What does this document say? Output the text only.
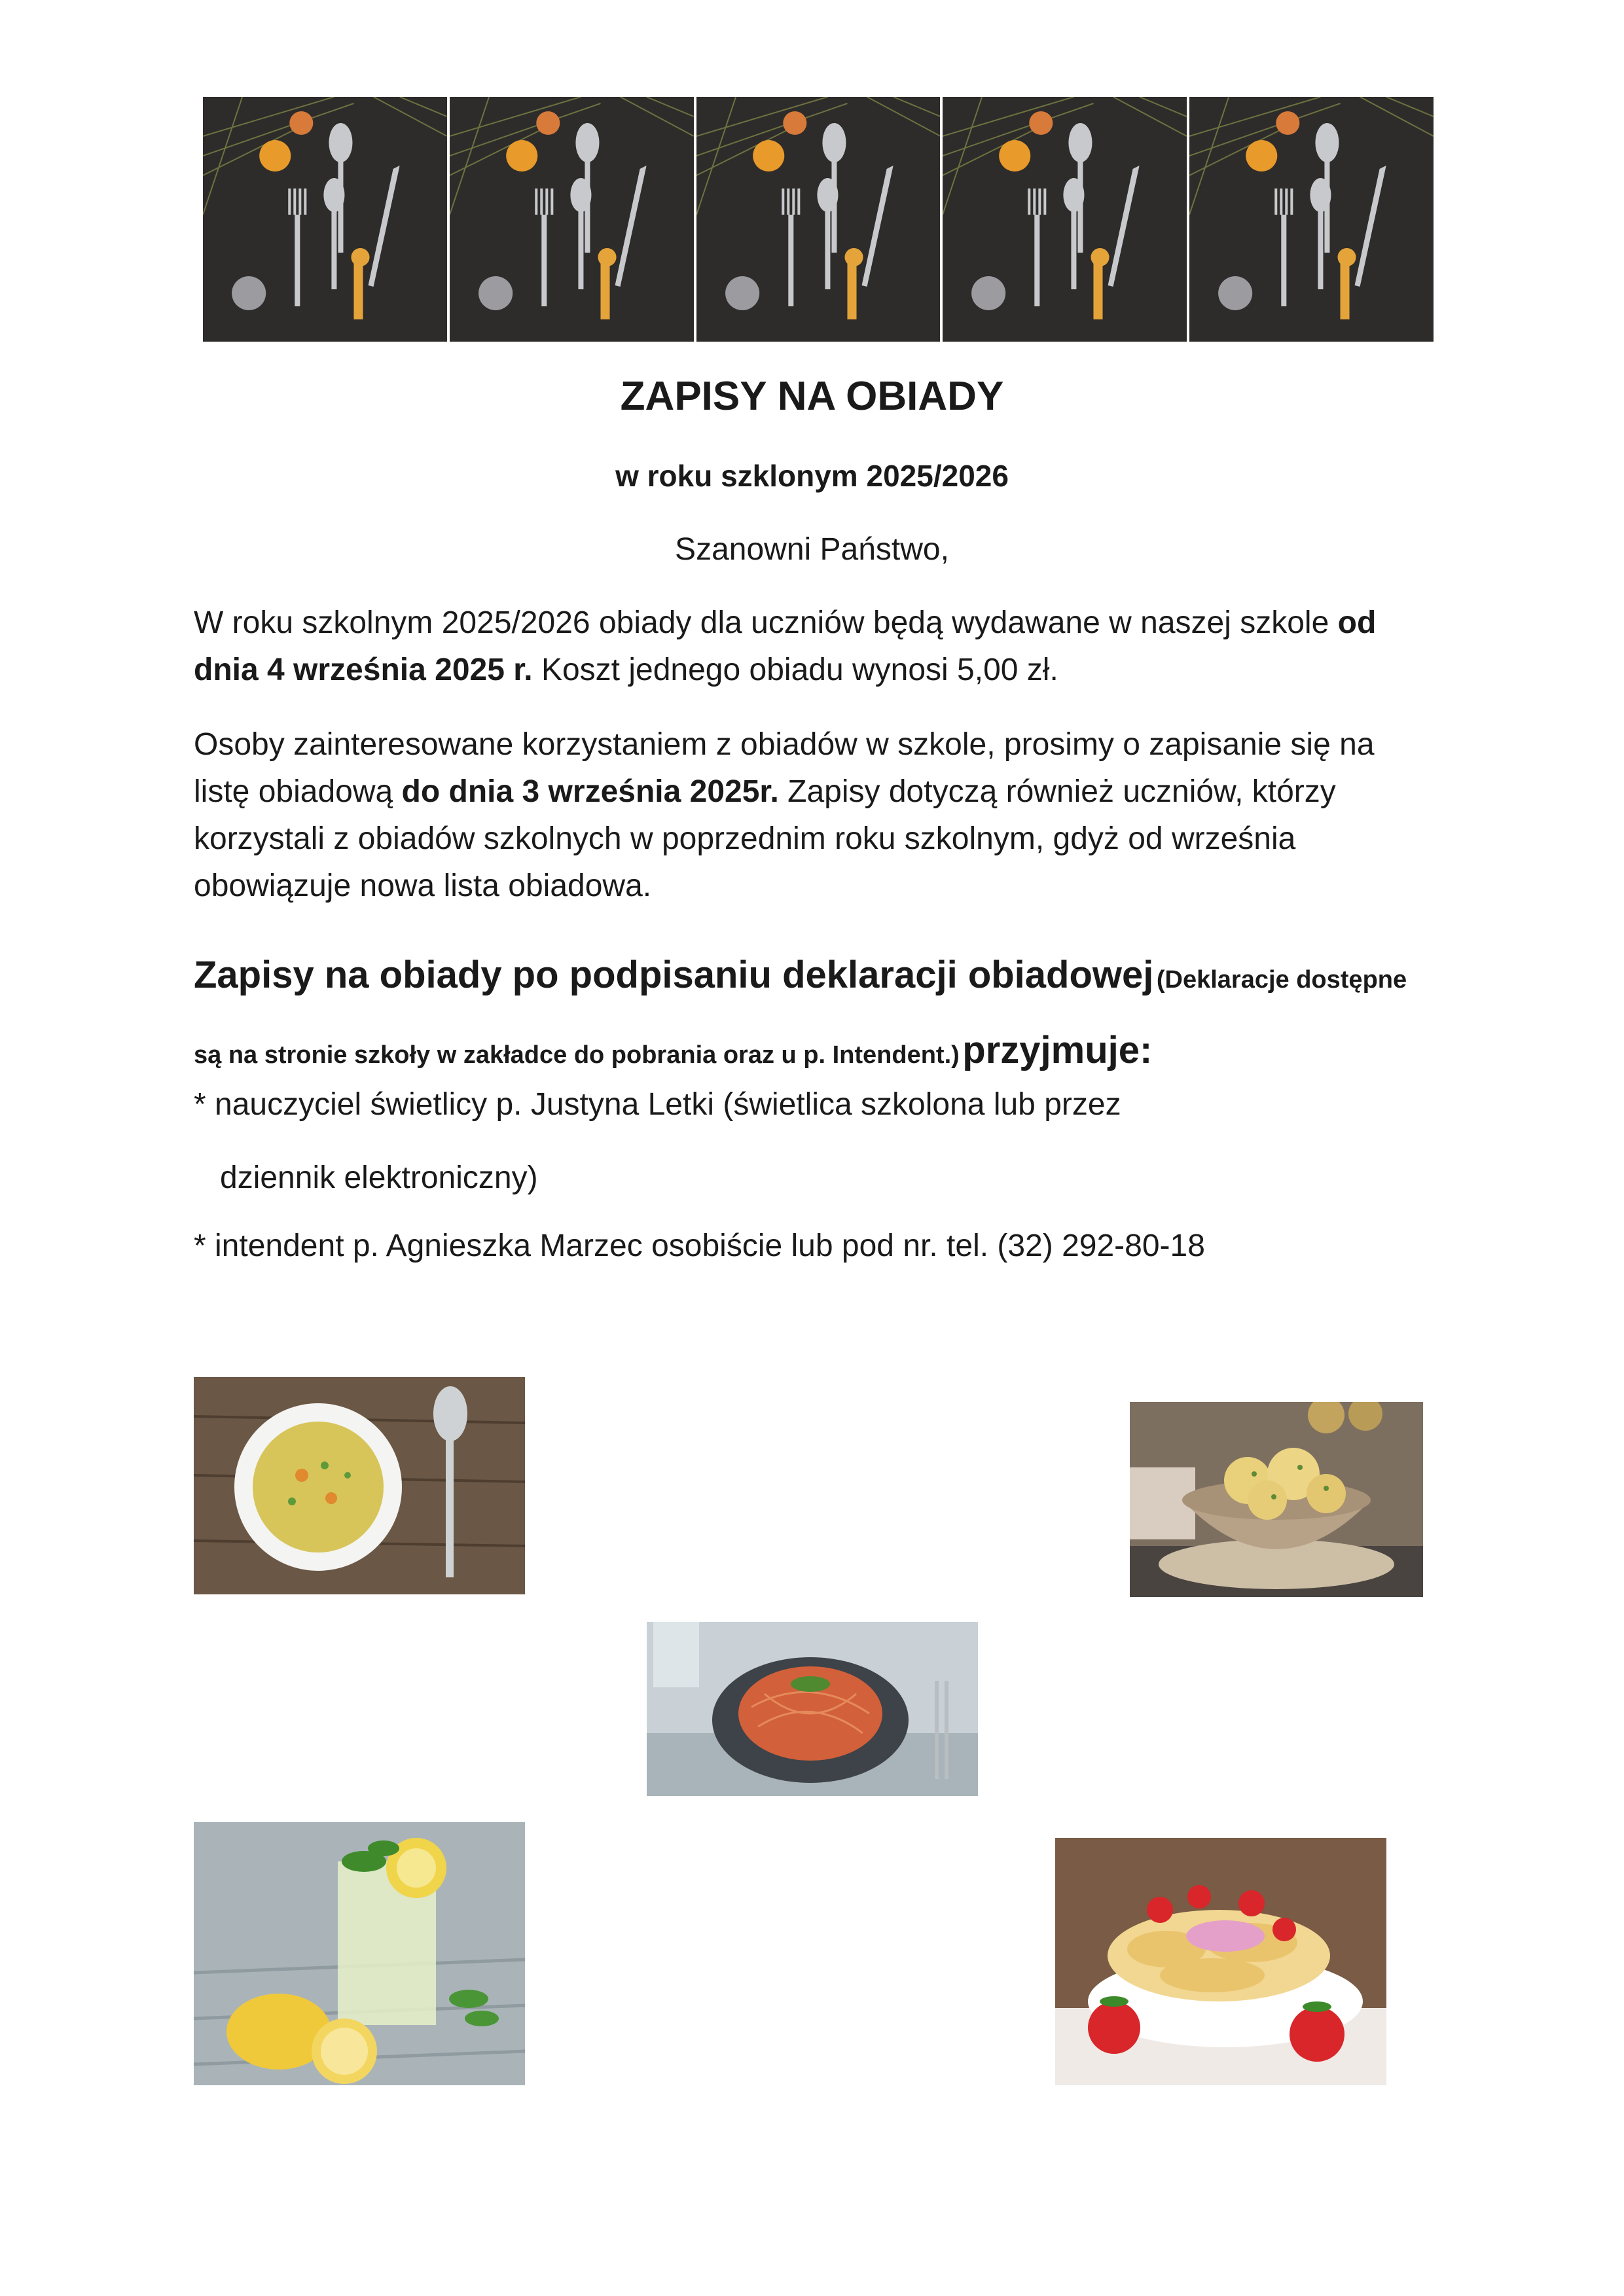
ZAPISY NA OBIADY
w roku szklonym 2025/2026
Szanowni Państwo,
W roku szkolnym 2025/2026 obiady dla uczniów będą wydawane w naszej szkole od dnia 4 września 2025 r. Koszt jednego obiadu wynosi 5,00 zł.
Osoby zainteresowane korzystaniem z obiadów w szkole, prosimy o zapisanie się na listę obiadową do dnia 3 września 2025r. Zapisy dotyczą również uczniów, którzy korzystali z obiadów szkolnych w poprzednim roku szkolnym, gdyż od września obowiązuje nowa lista obiadowa.
Zapisy na obiady po podpisaniu deklaracji obiadowej (Deklaracje dostępne są na stronie szkoły w zakładce do pobrania oraz u p. Intendent.) przyjmuje:
* nauczyciel świetlicy p. Justyna Letki (świetlica szkolona lub przez
dziennik elektroniczny)
* intendent p. Agnieszka Marzec osobiście lub pod nr. tel. (32) 292-80-18
